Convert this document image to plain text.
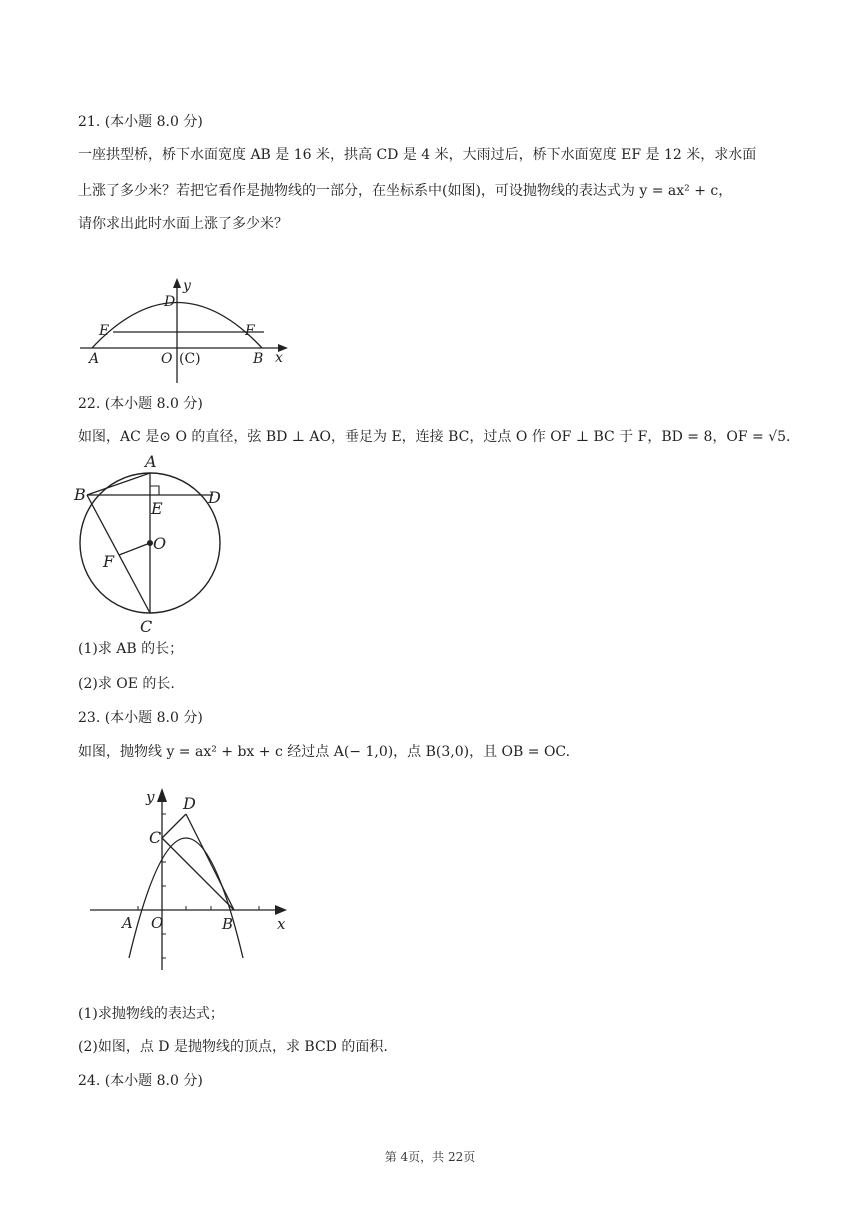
21. (本小题 8.0 分)
一座拱型桥，桥下水面宽度 AB 是 16 米，拱高 CD 是 4 米，大雨过后，桥下水面宽度 EF 是 12 米，求水面
上涨了多少米？若把它看作是抛物线的一部分，在坐标系中(如图)，可设抛物线的表达式为 y = ax² + c，
请你求出此时水面上涨了多少米？
y
x
D
E	F
A	O (C)	B
22. (本小题 8.0 分)
如图，AC 是⊙ O 的直径，弦 BD ⊥ AO，垂足为 E，连接 BC，过点 O 作 OF ⊥ BC 于 F，BD = 8，OF = √5.
A
B	D
E
O
F
C
(1)求 AB 的长；
(2)求 OE 的长.
23. (本小题 8.0 分)
如图，抛物线 y = ax² + bx + c 经过点 A(− 1,0)，点 B(3,0)，且 OB = OC.
y
x
D
C
A O	B
(1)求抛物线的表达式；
(2)如图，点 D 是抛物线的顶点，求 BCD 的面积.
24. (本小题 8.0 分)
第 4页，共 22页
